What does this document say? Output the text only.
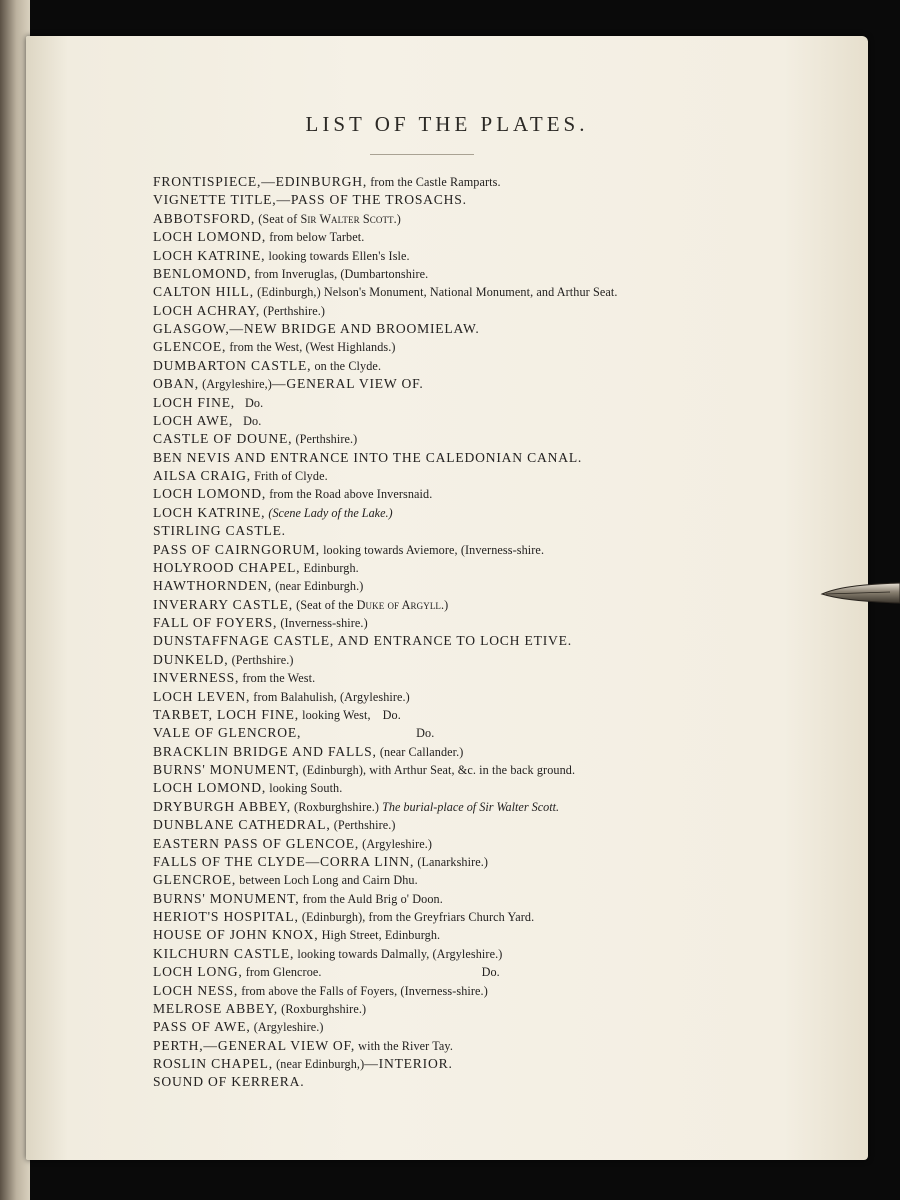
LIST OF THE PLATES.
FRONTISPIECE,—EDINBURGH, from the Castle Ramparts.
VIGNETTE TITLE,—PASS OF THE TROSACHS.
ABBOTSFORD, (Seat of Sir Walter Scott.)
LOCH LOMOND, from below Tarbet.
LOCH KATRINE, looking towards Ellen's Isle.
BENLOMOND, from Inveruglas, (Dumbartonshire.
CALTON HILL, (Edinburgh,) Nelson's Monument, National Monument, and Arthur Seat.
LOCH ACHRAY, (Perthshire.)
GLASGOW,—NEW BRIDGE AND BROOMIELAW.
GLENCOE, from the West, (West Highlands.)
DUMBARTON CASTLE, on the Clyde.
OBAN, (Argyleshire,)—GENERAL VIEW OF.
LOCH FINE, Do.
LOCH AWE, Do.
CASTLE OF DOUNE, (Perthshire.)
BEN NEVIS AND ENTRANCE INTO THE CALEDONIAN CANAL.
AILSA CRAIG, Frith of Clyde.
LOCH LOMOND, from the Road above Inversnaid.
LOCH KATRINE, (Scene Lady of the Lake.)
STIRLING CASTLE.
PASS OF CAIRNGORUM, looking towards Aviemore, (Inverness-shire.
HOLYROOD CHAPEL, Edinburgh.
HAWTHORNDEN, (near Edinburgh.)
INVERARY CASTLE, (Seat of the Duke of Argyll.)
FALL OF FOYERS, (Inverness-shire.)
DUNSTAFFNAGE CASTLE, AND ENTRANCE TO LOCH ETIVE.
DUNKELD, (Perthshire.)
INVERNESS, from the West.
LOCH LEVEN, from Balahulish, (Argyleshire.)
TARBET, LOCH FINE, looking West, Do.
VALE OF GLENCROE,	Do.
BRACKLIN BRIDGE AND FALLS, (near Callander.)
BURNS' MONUMENT, (Edinburgh), with Arthur Seat, &c. in the back ground.
LOCH LOMOND, looking South.
DRYBURGH ABBEY, (Roxburghshire.) The burial-place of Sir Walter Scott.
DUNBLANE CATHEDRAL, (Perthshire.)
EASTERN PASS OF GLENCOE, (Argyleshire.)
FALLS OF THE CLYDE—CORRA LINN, (Lanarkshire.)
GLENCROE, between Loch Long and Cairn Dhu.
BURNS' MONUMENT, from the Auld Brig o' Doon.
HERIOT'S HOSPITAL, (Edinburgh), from the Greyfriars Church Yard.
HOUSE OF JOHN KNOX, High Street, Edinburgh.
KILCHURN CASTLE, looking towards Dalmally, (Argyleshire.)
LOCH LONG, from Glencroe.	Do.
LOCH NESS, from above the Falls of Foyers, (Inverness-shire.)
MELROSE ABBEY, (Roxburghshire.)
PASS OF AWE, (Argyleshire.)
PERTH,—GENERAL VIEW OF, with the River Tay.
ROSLIN CHAPEL, (near Edinburgh,)—INTERIOR.
SOUND OF KERRERA.
